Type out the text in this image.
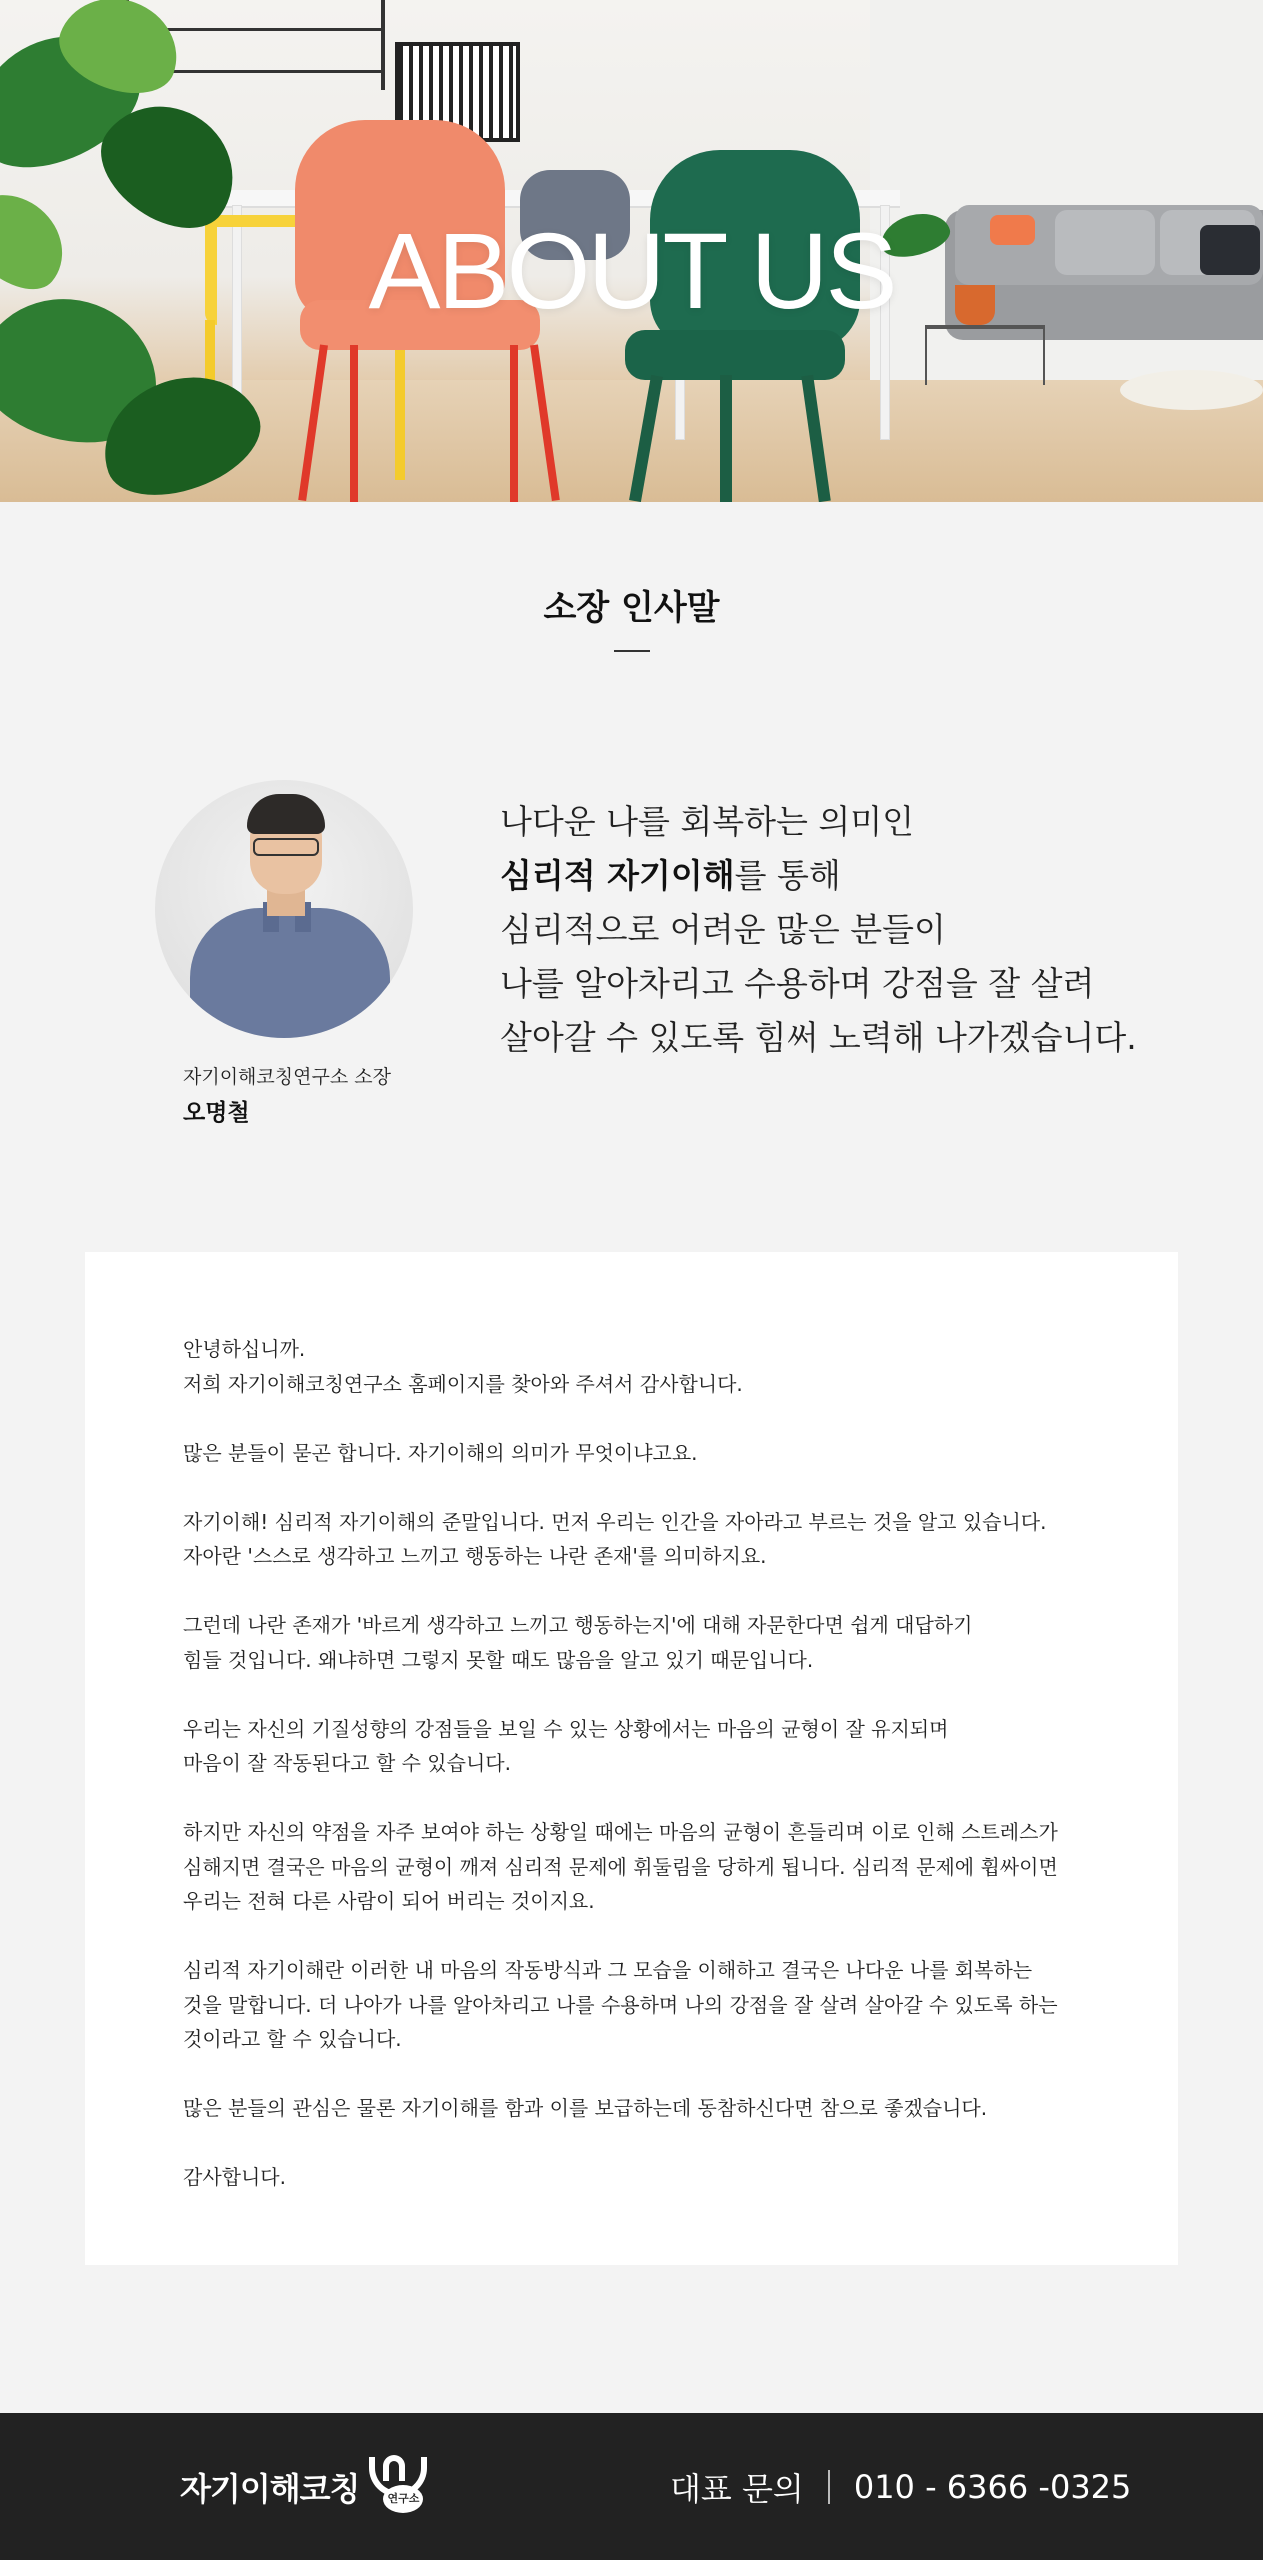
ABOUT US
소장 인사말
자기이해코칭연구소 소장
오명철
나다운 나를 회복하는 의미인
심리적 자기이해를 통해
심리적으로 어려운 많은 분들이
나를 알아차리고 수용하며 강점을 잘 살려
살아갈 수 있도록 힘써 노력해 나가겠습니다.

안녕하십니까.
저희 자기이해코칭연구소 홈페이지를 찾아와 주셔서 감사합니다.

많은 분들이 묻곤 합니다. 자기이해의 의미가 무엇이냐고요.

자기이해! 심리적 자기이해의 준말입니다. 먼저 우리는 인간을 자아라고 부르는 것을 알고 있습니다.
자아란 '스스로 생각하고 느끼고 행동하는 나란 존재'를 의미하지요.

그런데 나란 존재가 '바르게 생각하고 느끼고 행동하는지'에 대해 자문한다면 쉽게 대답하기
힘들 것입니다. 왜냐하면 그렇지 못할 때도 많음을 알고 있기 때문입니다.

우리는 자신의 기질성향의 강점들을 보일 수 있는 상황에서는 마음의 균형이 잘 유지되며
마음이 잘 작동된다고 할 수 있습니다.

하지만 자신의 약점을 자주 보여야 하는 상황일 때에는 마음의 균형이 흔들리며 이로 인해 스트레스가
심해지면 결국은 마음의 균형이 깨져 심리적 문제에 휘둘림을 당하게 됩니다. 심리적 문제에 휩싸이면
우리는 전혀 다른 사람이 되어 버리는 것이지요.

심리적 자기이해란 이러한 내 마음의 작동방식과 그 모습을 이해하고 결국은 나다운 나를 회복하는
것을 말합니다. 더 나아가 나를 알아차리고 나를 수용하며 나의 강점을 잘 살려 살아갈 수 있도록 하는
것이라고 할 수 있습니다.

많은 분들의 관심은 물론 자기이해를 함과 이를 보급하는데 동참하신다면 참으로 좋겠습니다.

감사합니다.

자기이해코칭	연구소	대표 문의 010 - 6366 -0325
